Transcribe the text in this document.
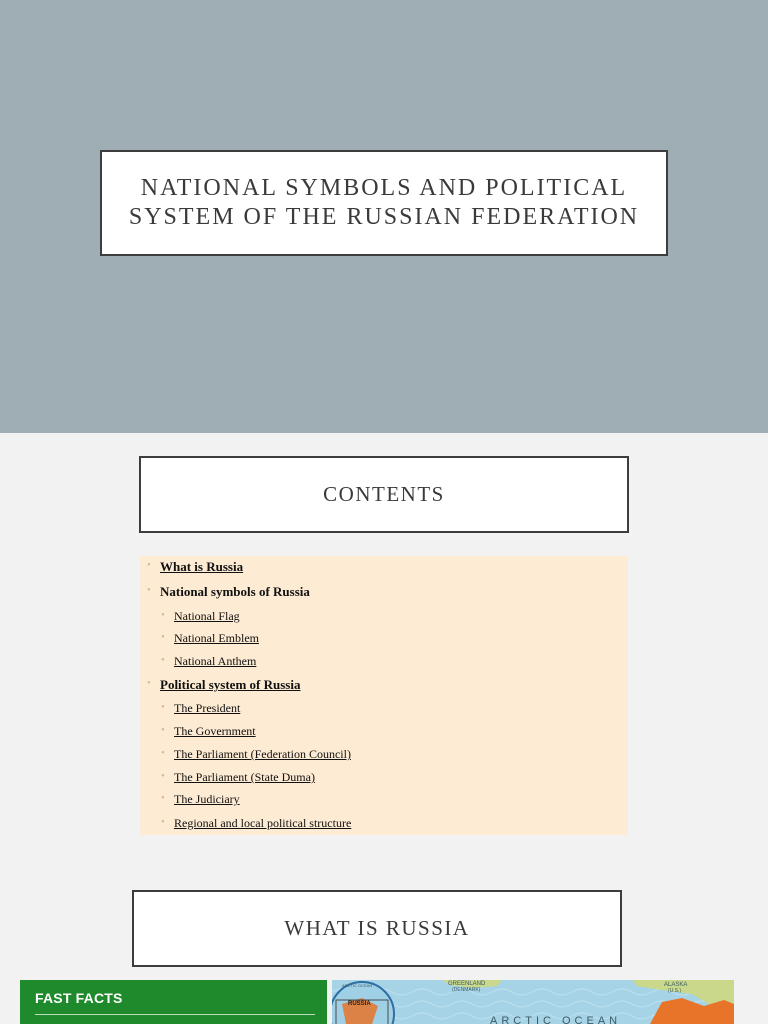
NATIONAL SYMBOLS AND POLITICAL SYSTEM OF THE RUSSIAN FEDERATION
CONTENTS
• What is Russia
• National symbols of Russia
• National Flag
• National Emblem
• National Anthem
• Political system of Russia
• The President
• The Government
• The Parliament (Federation Council)
• The Parliament (State Duma)
• The Judiciary
• Regional and local political structure
WHAT IS RUSSIA
FAST FACTS
GREENLAND
(DENMARK)
ALASKA
(U.S.)
ARCTIC OCEAN
ARCTIC OCEAN
RUSSIA
